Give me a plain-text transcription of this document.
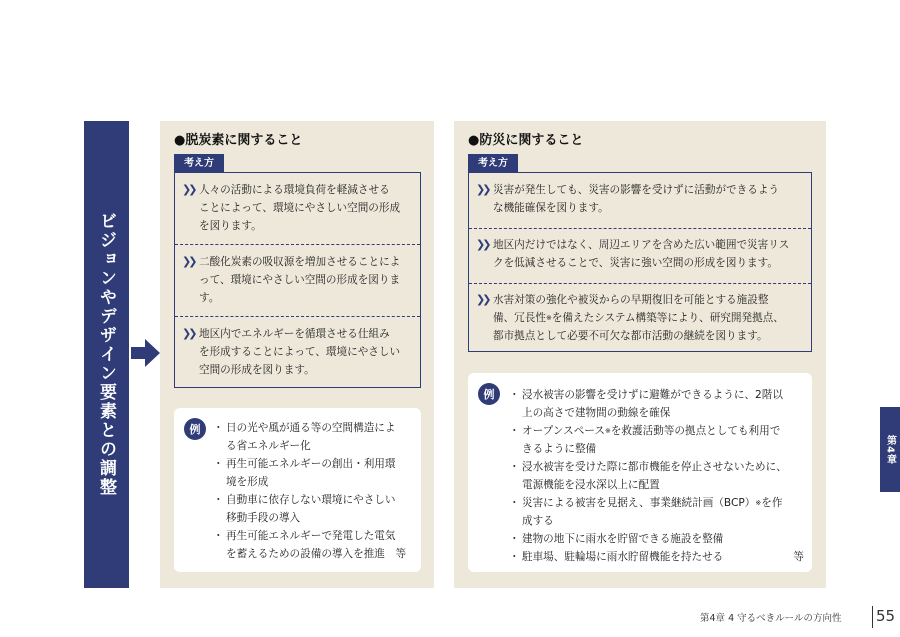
ビジョンやデザイン要素との調整
●脱炭素に関すること
考え方
❯❯ 人々の活動による環境負荷を軽減させる
ことによって、環境にやさしい空間の形成
を図ります。
❯❯ 二酸化炭素の吸収源を増加させることによ
って、環境にやさしい空間の形成を図りま
す。
❯❯ 地区内でエネルギーを循環させる仕組み
を形成することによって、環境にやさしい
空間の形成を図ります。
例	・ 日の光や風が通る等の空間構造によ
る省エネルギー化
・ 再生可能エネルギーの創出・利用環
境を形成
・ 自動車に依存しない環境にやさしい
移動手段の導入
・ 再生可能エネルギーで発電した電気
を蓄えるための設備の導入を推進　等
●防災に関すること
考え方
❯❯ 災害が発生しても、災害の影響を受けずに活動ができるよう
な機能確保を図ります。
❯❯ 地区内だけではなく、周辺エリアを含めた広い範囲で災害リス
クを低減させることで、災害に強い空間の形成を図ります。
❯❯ 水害対策の強化や被災からの早期復旧を可能とする施設整
備、冗長性※を備えたシステム構築等により、研究開発拠点、
都市拠点として必要不可欠な都市活動の継続を図ります。
例	・ 浸水被害の影響を受けずに避難ができるように、2階以
上の高さで建物間の動線を確保
・ オープンスペース※を救護活動等の拠点としても利用で
きるように整備
・ 浸水被害を受けた際に都市機能を停止させないために、
電源機能を浸水深以上に配置
・ 災害による被害を見据え、事業継続計画（BCP）※を作
成する
・ 建物の地下に雨水を貯留できる施設を整備
・ 駐車場、駐輪場に雨水貯留機能を持たせる	等
第4章
第4章 4 守るべきルールの方向性 55
